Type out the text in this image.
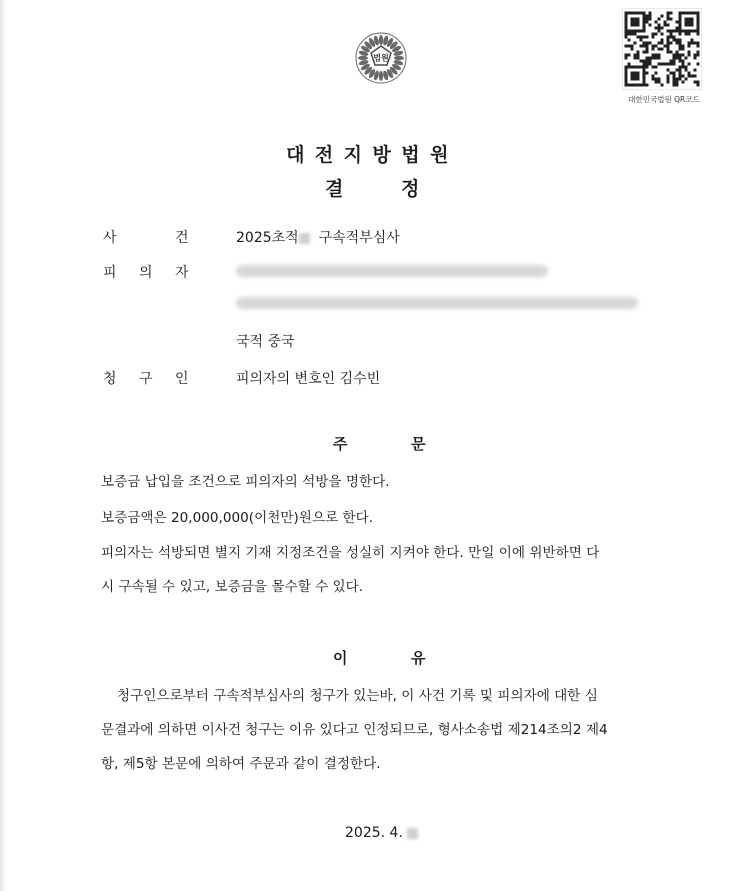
법원
대한민국법원 QR코드
대전지방법원
결	정
사	건	2025초적 구속적부심사
피 의 자
국적 중국
청 구 인	피의자의 변호인 김수빈
주	문
보증금 납입을 조건으로 피의자의 석방을 명한다.
보증금액은 20,000,000(이천만)원으로 한다.
피의자는 석방되면 별지 기재 지정조건을 성실히 지켜야 한다. 만일 이에 위반하면 다
시 구속될 수 있고, 보증금을 몰수할 수 있다.
이	유
청구인으로부터 구속적부심사의 청구가 있는바, 이 사건 기록 및 피의자에 대한 심
문결과에 의하면 이사건 청구는 이유 있다고 인정되므로, 형사소송법 제214조의2 제4
항, 제5항 본문에 의하여 주문과 같이 결정한다.
2025. 4.
